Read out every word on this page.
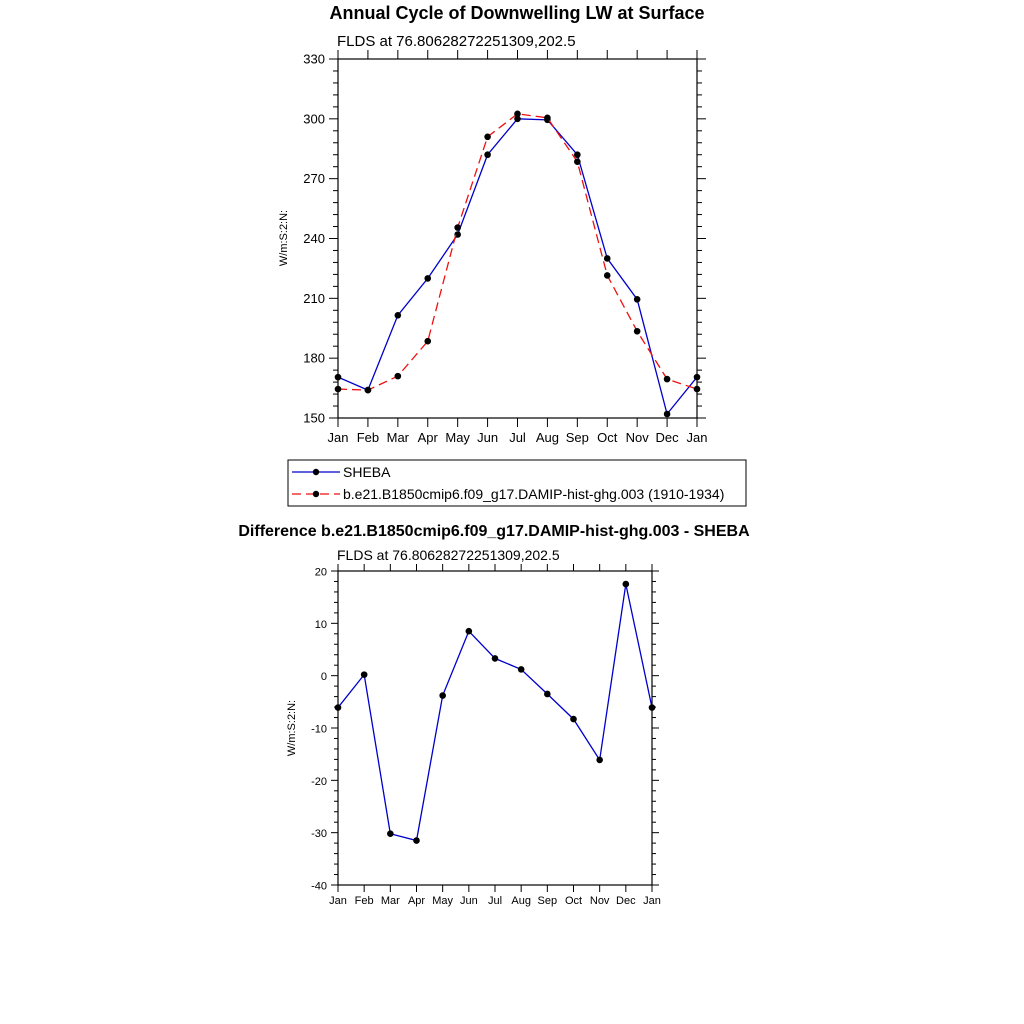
Annual Cycle of Downwelling LW at Surface
FLDS at 76.80628272251309,202.5
W/m:S:2:N:
150
180
210
240
270
300
330
Jan Feb Mar Apr May Jun Jul Aug Sep Oct Nov Dec Jan
SHEBA
b.e21.B1850cmip6.f09_g17.DAMIP-hist-ghg.003 (1910-1934)
Difference b.e21.B1850cmip6.f09_g17.DAMIP-hist-ghg.003 - SHEBA
FLDS at 76.80628272251309,202.5
W/m:S:2:N:
-40
-30
-20
-10
0
10
20
Jan Feb Mar Apr May Jun Jul Aug Sep Oct Nov Dec Jan
